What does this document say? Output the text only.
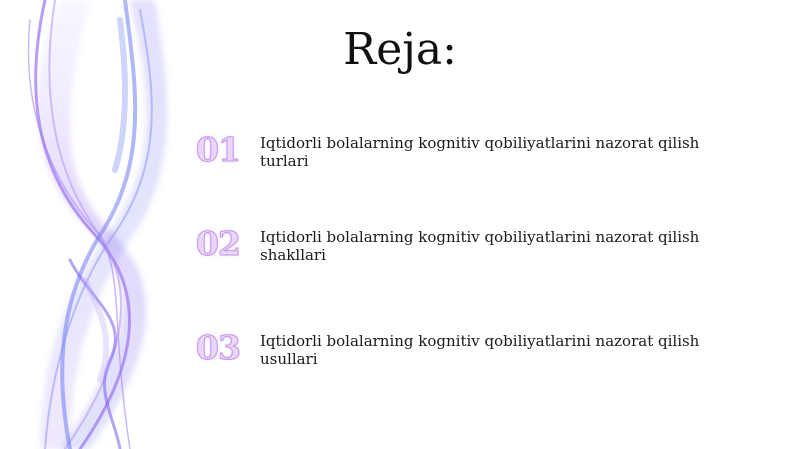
Reja:
01	Iqtidorli bolalarning kognitiv qobiliyatlarini nazorat qilish turlari
02	Iqtidorli bolalarning kognitiv qobiliyatlarini nazorat qilish shakllari
03	Iqtidorli bolalarning kognitiv qobiliyatlarini nazorat qilish usullari
